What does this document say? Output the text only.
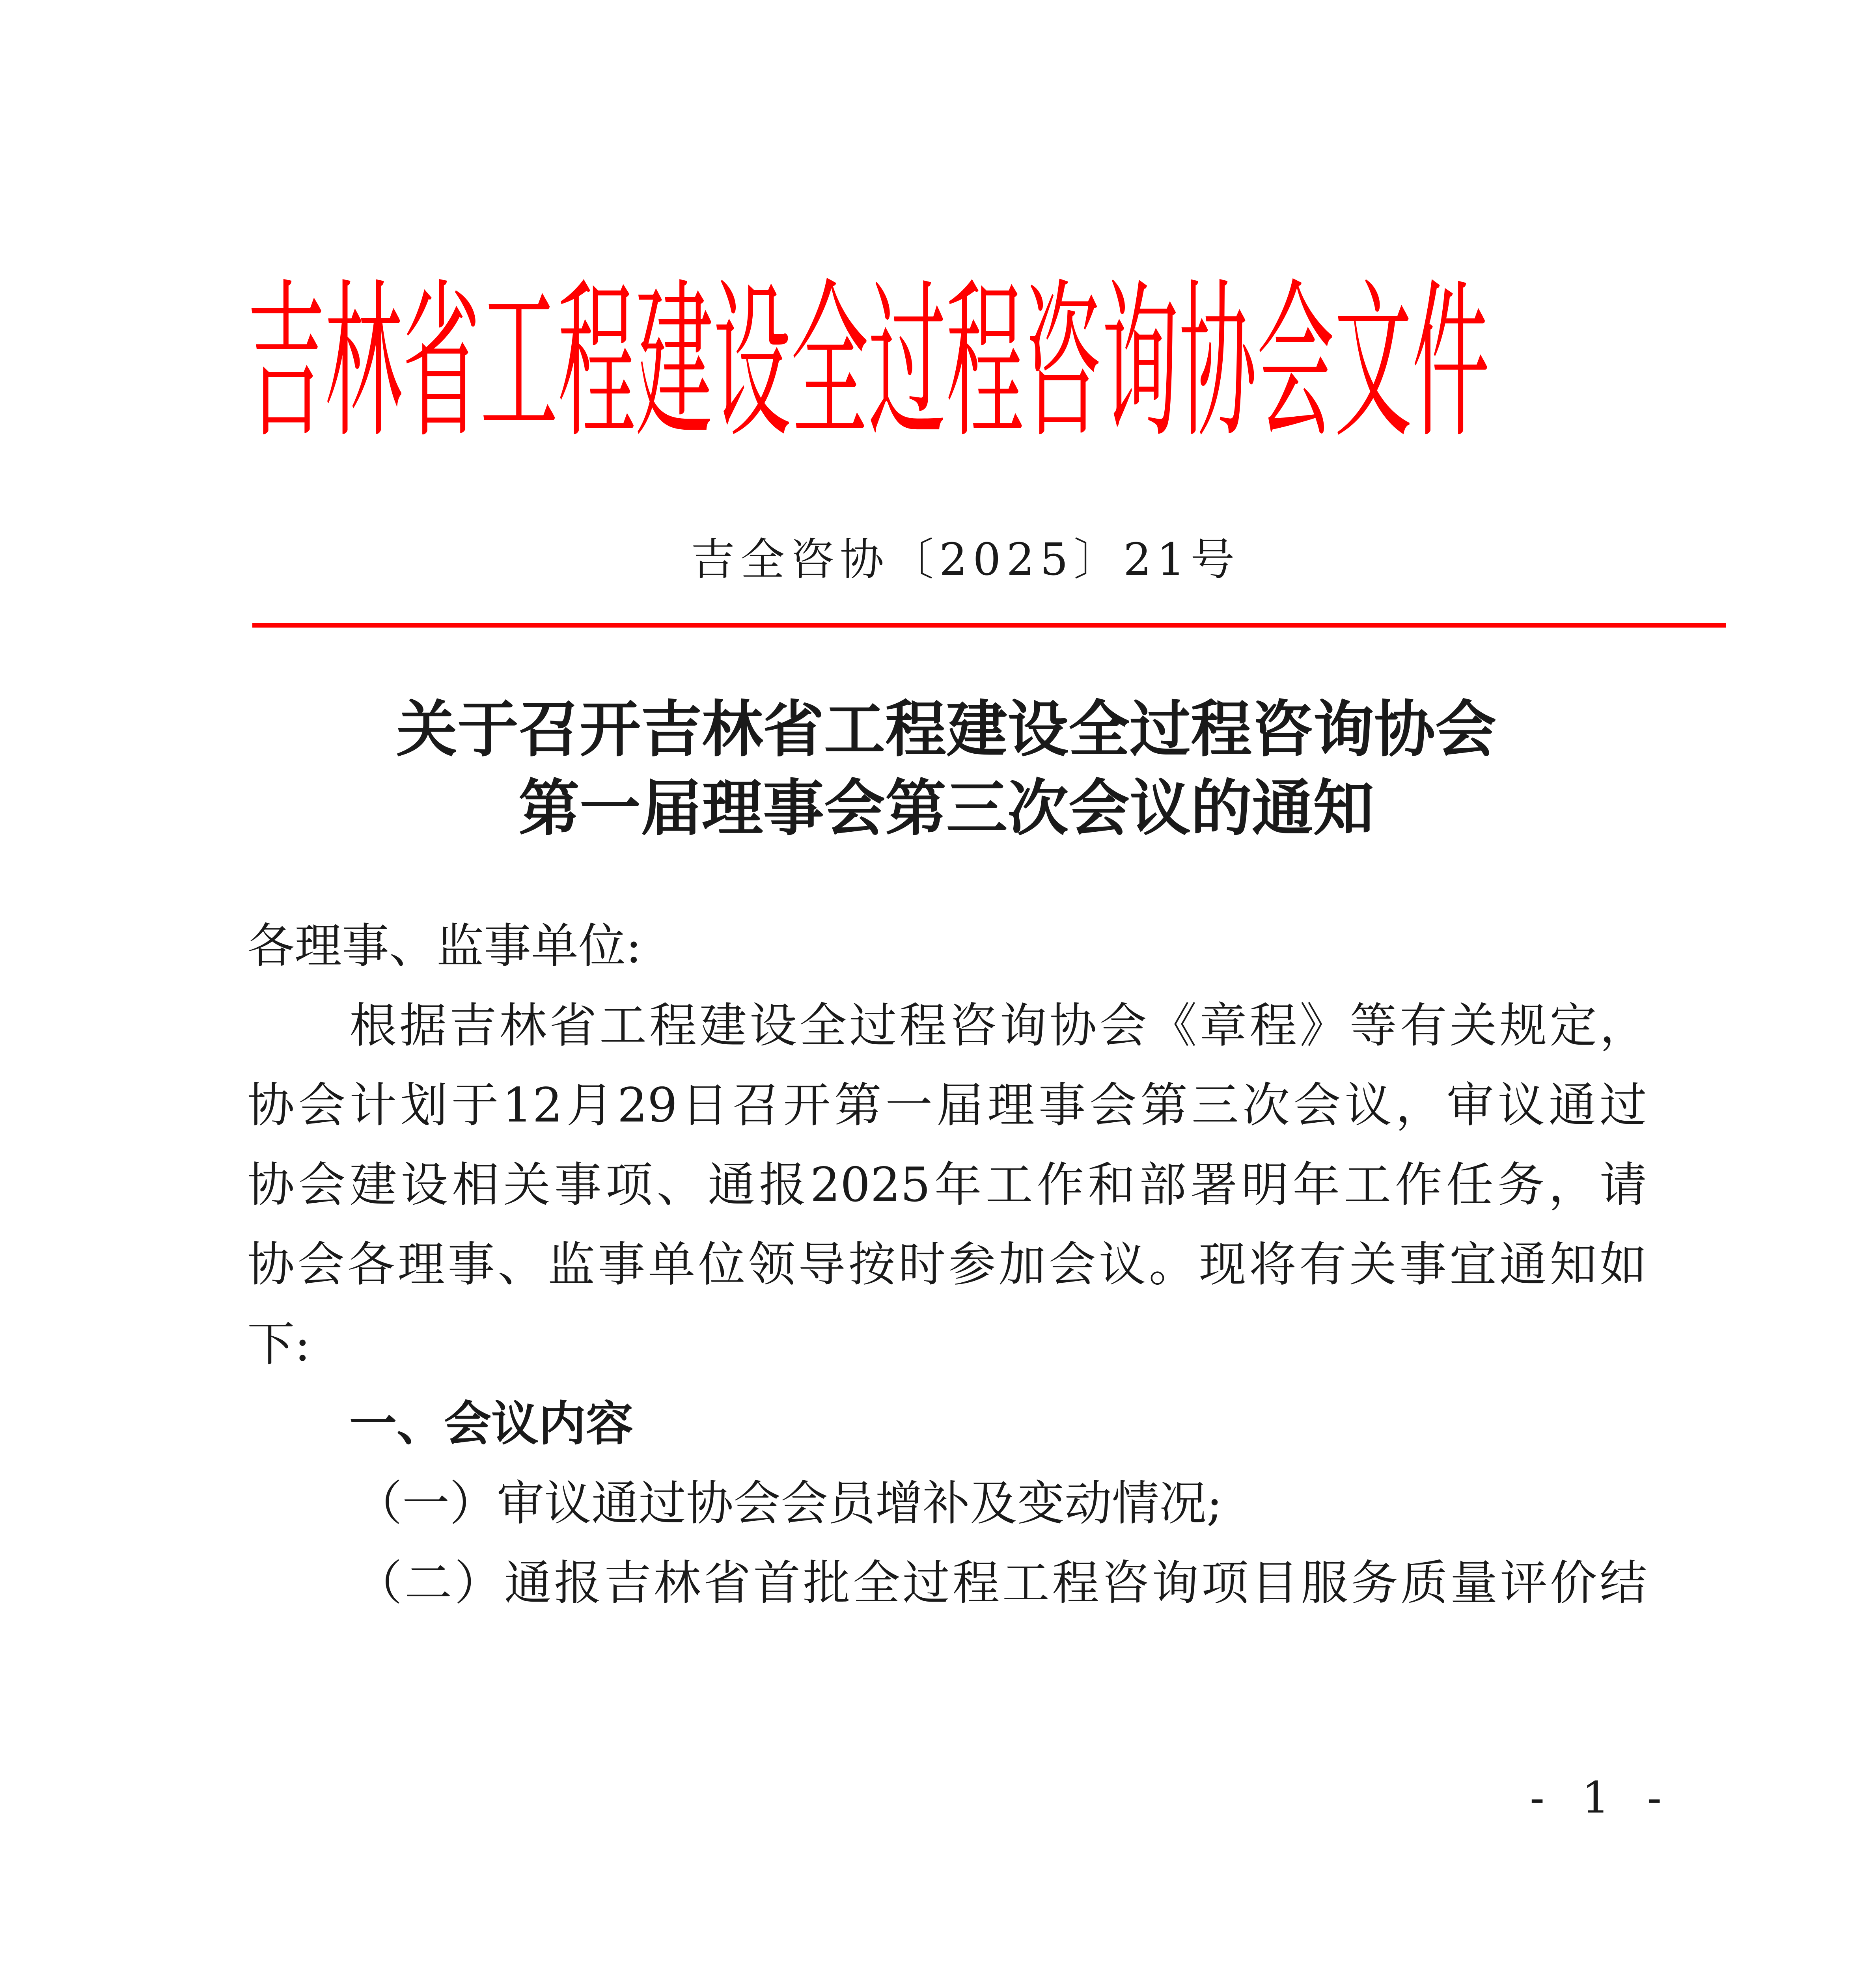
吉林省工程建设全过程咨询协会文件
吉全咨协〔2025〕21号
关于召开吉林省工程建设全过程咨询协会
第一届理事会第三次会议的通知
各理事、监事单位:
根据吉林省工程建设全过程咨询协会《章程》等有关规定，
协会计划于12月29日召开第一届理事会第三次会议，审议通过
协会建设相关事项、通报2025年工作和部署明年工作任务，请
协会各理事、监事单位领导按时参加会议。现将有关事宜通知如
下:
一、会议内容
（一）审议通过协会会员增补及变动情况;
（二）通报吉林省首批全过程工程咨询项目服务质量评价结
- 1 -
